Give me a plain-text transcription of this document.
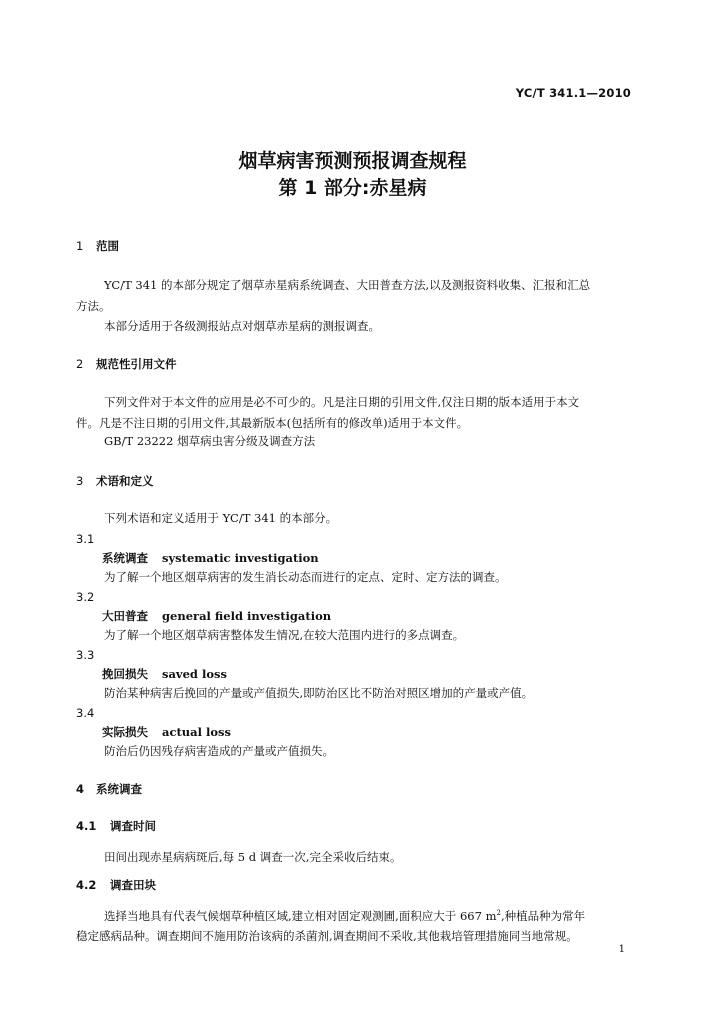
YC/T 341.1—2010
烟草病害预测预报调查规程
第 1 部分:赤星病
1 范围
YC/T 341 的本部分规定了烟草赤星病系统调查、大田普查方法,以及测报资料收集、汇报和汇总
方法。
本部分适用于各级测报站点对烟草赤星病的测报调查。
2 规范性引用文件
下列文件对于本文件的应用是必不可少的。凡是注日期的引用文件,仅注日期的版本适用于本文
件。凡是不注日期的引用文件,其最新版本(包括所有的修改单)适用于本文件。
GB/T 23222 烟草病虫害分级及调查方法
3 术语和定义
下列术语和定义适用于 YC/T 341 的本部分。
3.1
系统调查 systematic investigation
为了解一个地区烟草病害的发生消长动态而进行的定点、定时、定方法的调查。
3.2
大田普查 general field investigation
为了解一个地区烟草病害整体发生情况,在较大范围内进行的多点调查。
3.3
挽回损失 saved loss
防治某种病害后挽回的产量或产值损失,即防治区比不防治对照区增加的产量或产值。
3.4
实际损失 actual loss
防治后仍因残存病害造成的产量或产值损失。
4 系统调查
4.1 调查时间
田间出现赤星病病斑后,每 5 d 调查一次,完全采收后结束。
4.2 调查田块
选择当地具有代表气候烟草种植区域,建立相对固定观测圃,面积应大于 667 $m^2$,种植品种为常年
稳定感病品种。调查期间不施用防治该病的杀菌剂,调查期间不采收,其他栽培管理措施同当地常规。
1
